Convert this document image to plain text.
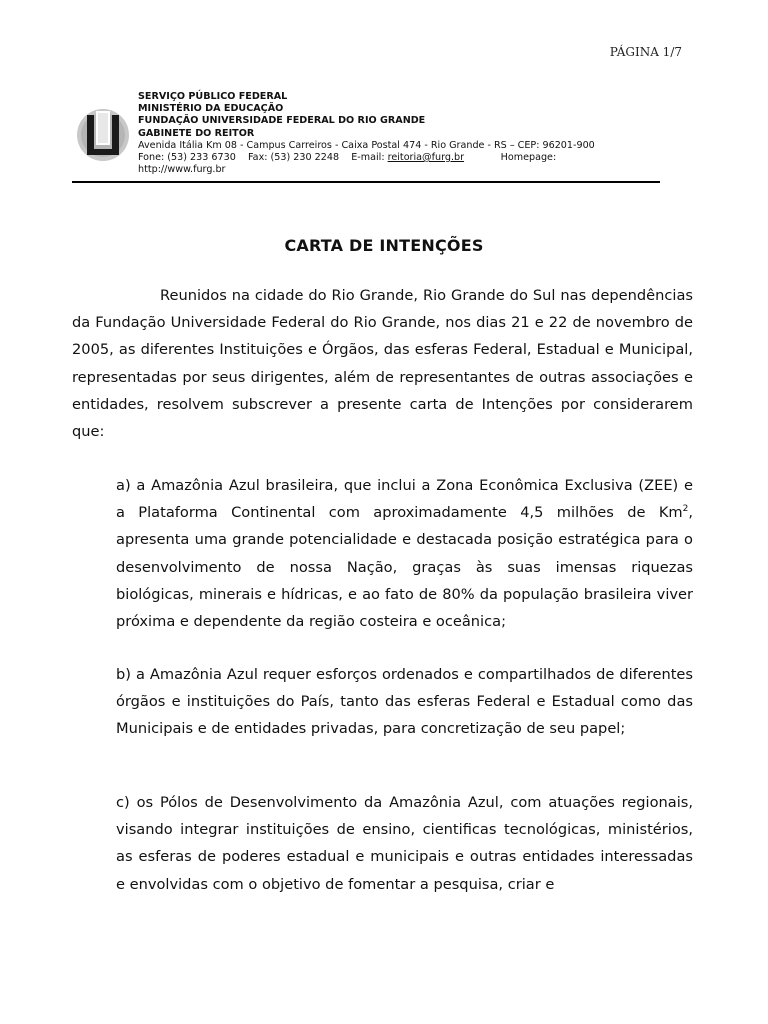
PÁGINA 1/7
SERVIÇO PÚBLICO FEDERAL
MINISTÉRIO DA EDUCAÇÃO
FUNDAÇÃO UNIVERSIDADE FEDERAL DO RIO GRANDE
GABINETE DO REITOR
Avenida Itália Km 08 - Campus Carreiros - Caixa Postal 474 - Rio Grande - RS – CEP: 96201-900
Fone: (53) 233 6730 Fax: (53) 230 2248 E-mail: reitoria@furg.br	Homepage:
http://www.furg.br
CARTA DE INTENÇÕES
Reunidos na cidade do Rio Grande, Rio Grande do Sul nas dependências da Fundação Universidade Federal do Rio Grande, nos dias 21 e 22 de novembro de 2005, as diferentes Instituições e Órgãos, das esferas Federal, Estadual e Municipal, representadas por seus dirigentes, além de representantes de outras associações e entidades, resolvem subscrever a presente carta de Intenções por considerarem que:
a) a Amazônia Azul brasileira, que inclui a Zona Econômica Exclusiva (ZEE) e a Plataforma Continental com aproximadamente 4,5 milhões de Km$^2$, apresenta uma grande potencialidade e destacada posição estratégica para o desenvolvimento de nossa Nação, graças às suas imensas riquezas biológicas, minerais e hídricas, e ao fato de 80% da população brasileira viver próxima e dependente da região costeira e oceânica;
b) a Amazônia Azul requer esforços ordenados e compartilhados de diferentes órgãos e instituições do País, tanto das esferas Federal e Estadual como das Municipais e de entidades privadas, para concretização de seu papel;
c) os Pólos de Desenvolvimento da Amazônia Azul, com atuações regionais, visando integrar instituições de ensino, cientificas tecnológicas, ministérios, as esferas de poderes estadual e municipais e outras entidades interessadas e envolvidas com o objetivo de fomentar a pesquisa, criar e
